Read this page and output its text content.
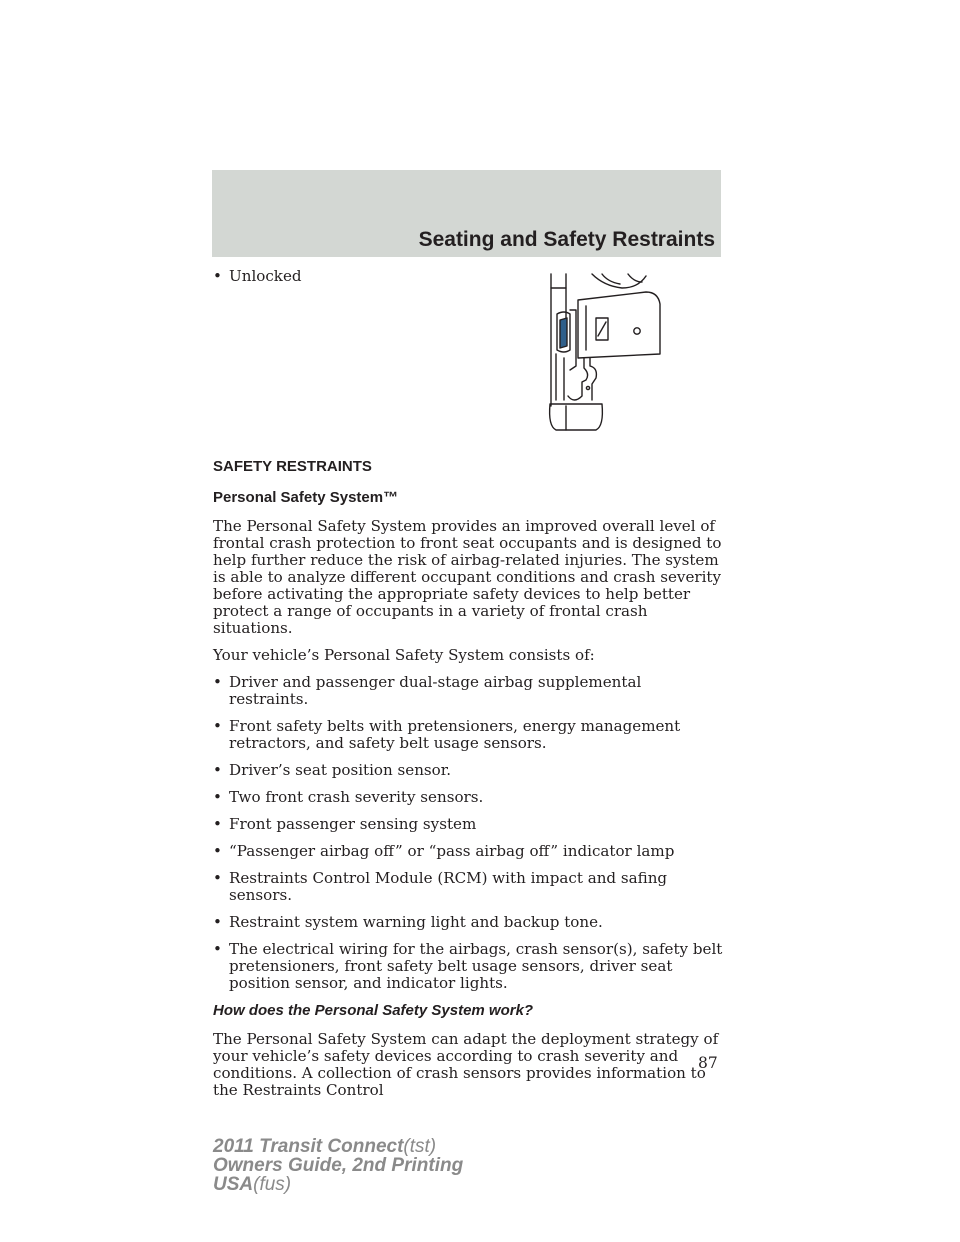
Seating and Safety Restraints

• Unlocked

SAFETY RESTRAINTS

Personal Safety System™

The Personal Safety System provides an improved overall level of frontal crash protection to front seat occupants and is designed to help further reduce the risk of airbag-related injuries. The system is able to analyze different occupant conditions and crash severity before activating the appropriate safety devices to help better protect a range of occupants in a variety of frontal crash situations.

Your vehicle’s Personal Safety System consists of:

• Driver and passenger dual-stage airbag supplemental restraints.

• Front safety belts with pretensioners, energy management retractors, and safety belt usage sensors.

• Driver’s seat position sensor.

• Two front crash severity sensors.

• Front passenger sensing system

• “Passenger airbag off” or “pass airbag off” indicator lamp

• Restraints Control Module (RCM) with impact and safing sensors.

• Restraint system warning light and backup tone.

• The electrical wiring for the airbags, crash sensor(s), safety belt pretensioners, front safety belt usage sensors, driver seat position sensor, and indicator lights.

How does the Personal Safety System work?

The Personal Safety System can adapt the deployment strategy of your vehicle’s safety devices according to crash severity and conditions. A collection of crash sensors provides information to the Restraints Control

87
2011 Transit Connect(tst)
Owners Guide, 2nd Printing
USA(fus)
